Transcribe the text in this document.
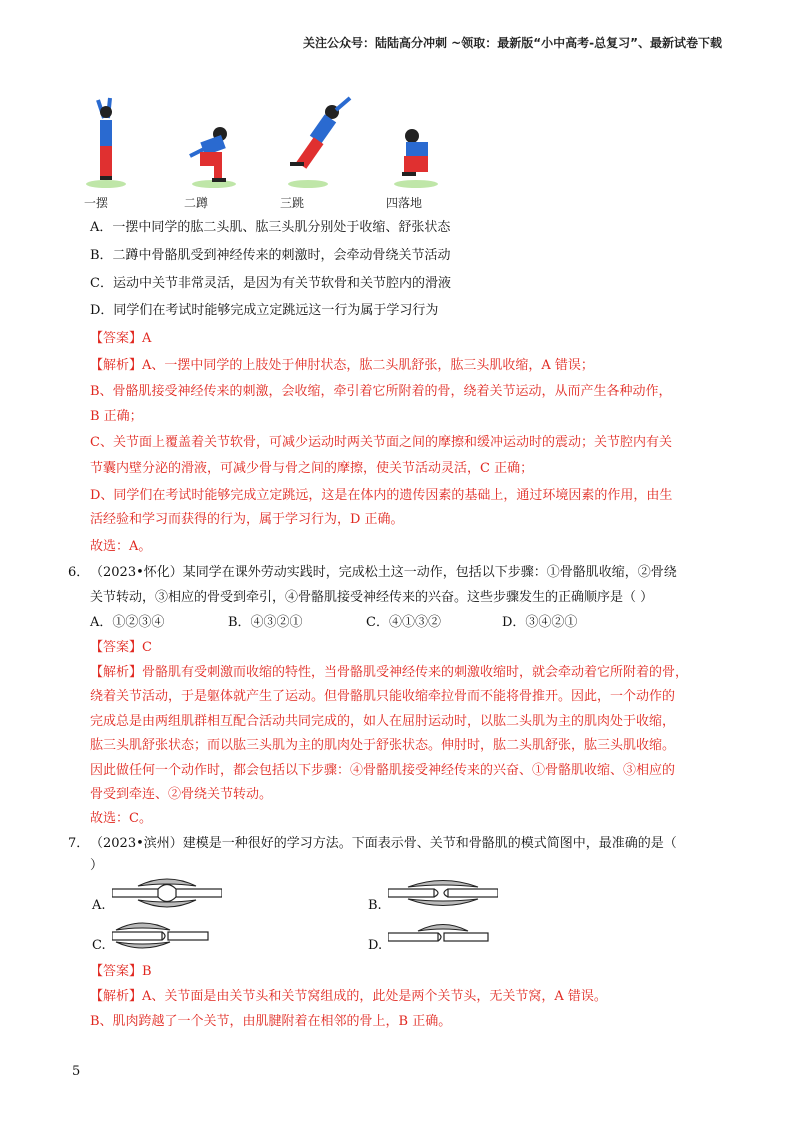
关注公众号：陆陆高分冲刺 ~领取：最新版“小中高考-总复习”、最新试卷下载
一摆	二蹲	三跳	四落地
A．一摆中同学的肱二头肌、肱三头肌分别处于收缩、舒张状态
B．二蹲中骨骼肌受到神经传来的刺激时，会牵动骨绕关节活动
C．运动中关节非常灵活，是因为有关节软骨和关节腔内的滑液
D．同学们在考试时能够完成立定跳远这一行为属于学习行为
【答案】A
【解析】A、一摆中同学的上肢处于伸肘状态，肱二头肌舒张，肱三头肌收缩，A 错误；
B、骨骼肌接受神经传来的刺激，会收缩，牵引着它所附着的骨，绕着关节运动，从而产生各种动作，
B 正确；
C、关节面上覆盖着关节软骨，可减少运动时两关节面之间的摩擦和缓冲运动时的震动；关节腔内有关
节囊内壁分泌的滑液，可减少骨与骨之间的摩擦，使关节活动灵活，C 正确；
D、同学们在考试时能够完成立定跳远，这是在体内的遗传因素的基础上，通过环境因素的作用，由生
活经验和学习而获得的行为，属于学习行为，D 正确。
故选：A。
6． （2023•怀化）某同学在课外劳动实践时，完成松土这一动作，包括以下步骤：①骨骼肌收缩，②骨绕
关节转动，③相应的骨受到牵引，④骨骼肌接受神经传来的兴奋。这些步骤发生的正确顺序是（ ）
A．①②③④	B．④③②①	C．④①③②	D．③④②①
【答案】C
【解析】骨骼肌有受刺激而收缩的特性，当骨骼肌受神经传来的刺激收缩时，就会牵动着它所附着的骨，
绕着关节活动，于是躯体就产生了运动。但骨骼肌只能收缩牵拉骨而不能将骨推开。因此，一个动作的
完成总是由两组肌群相互配合活动共同完成的，如人在屈肘运动时，以肱二头肌为主的肌肉处于收缩，
肱三头肌舒张状态；而以肱三头肌为主的肌肉处于舒张状态。伸肘时，肱二头肌舒张，肱三头肌收缩。
因此做任何一个动作时，都会包括以下步骤：④骨骼肌接受神经传来的兴奋、①骨骼肌收缩、③相应的
骨受到牵连、②骨绕关节转动。
故选：C。
7． （2023•滨州）建模是一种很好的学习方法。下面表示骨、关节和骨骼肌的模式简图中，最准确的是（
）
A.	B.
C.	D.
【答案】B
【解析】A、关节面是由关节头和关节窝组成的，此处是两个关节头，无关节窝，A 错误。
B、肌肉跨越了一个关节，由肌腱附着在相邻的骨上，B 正确。
5
